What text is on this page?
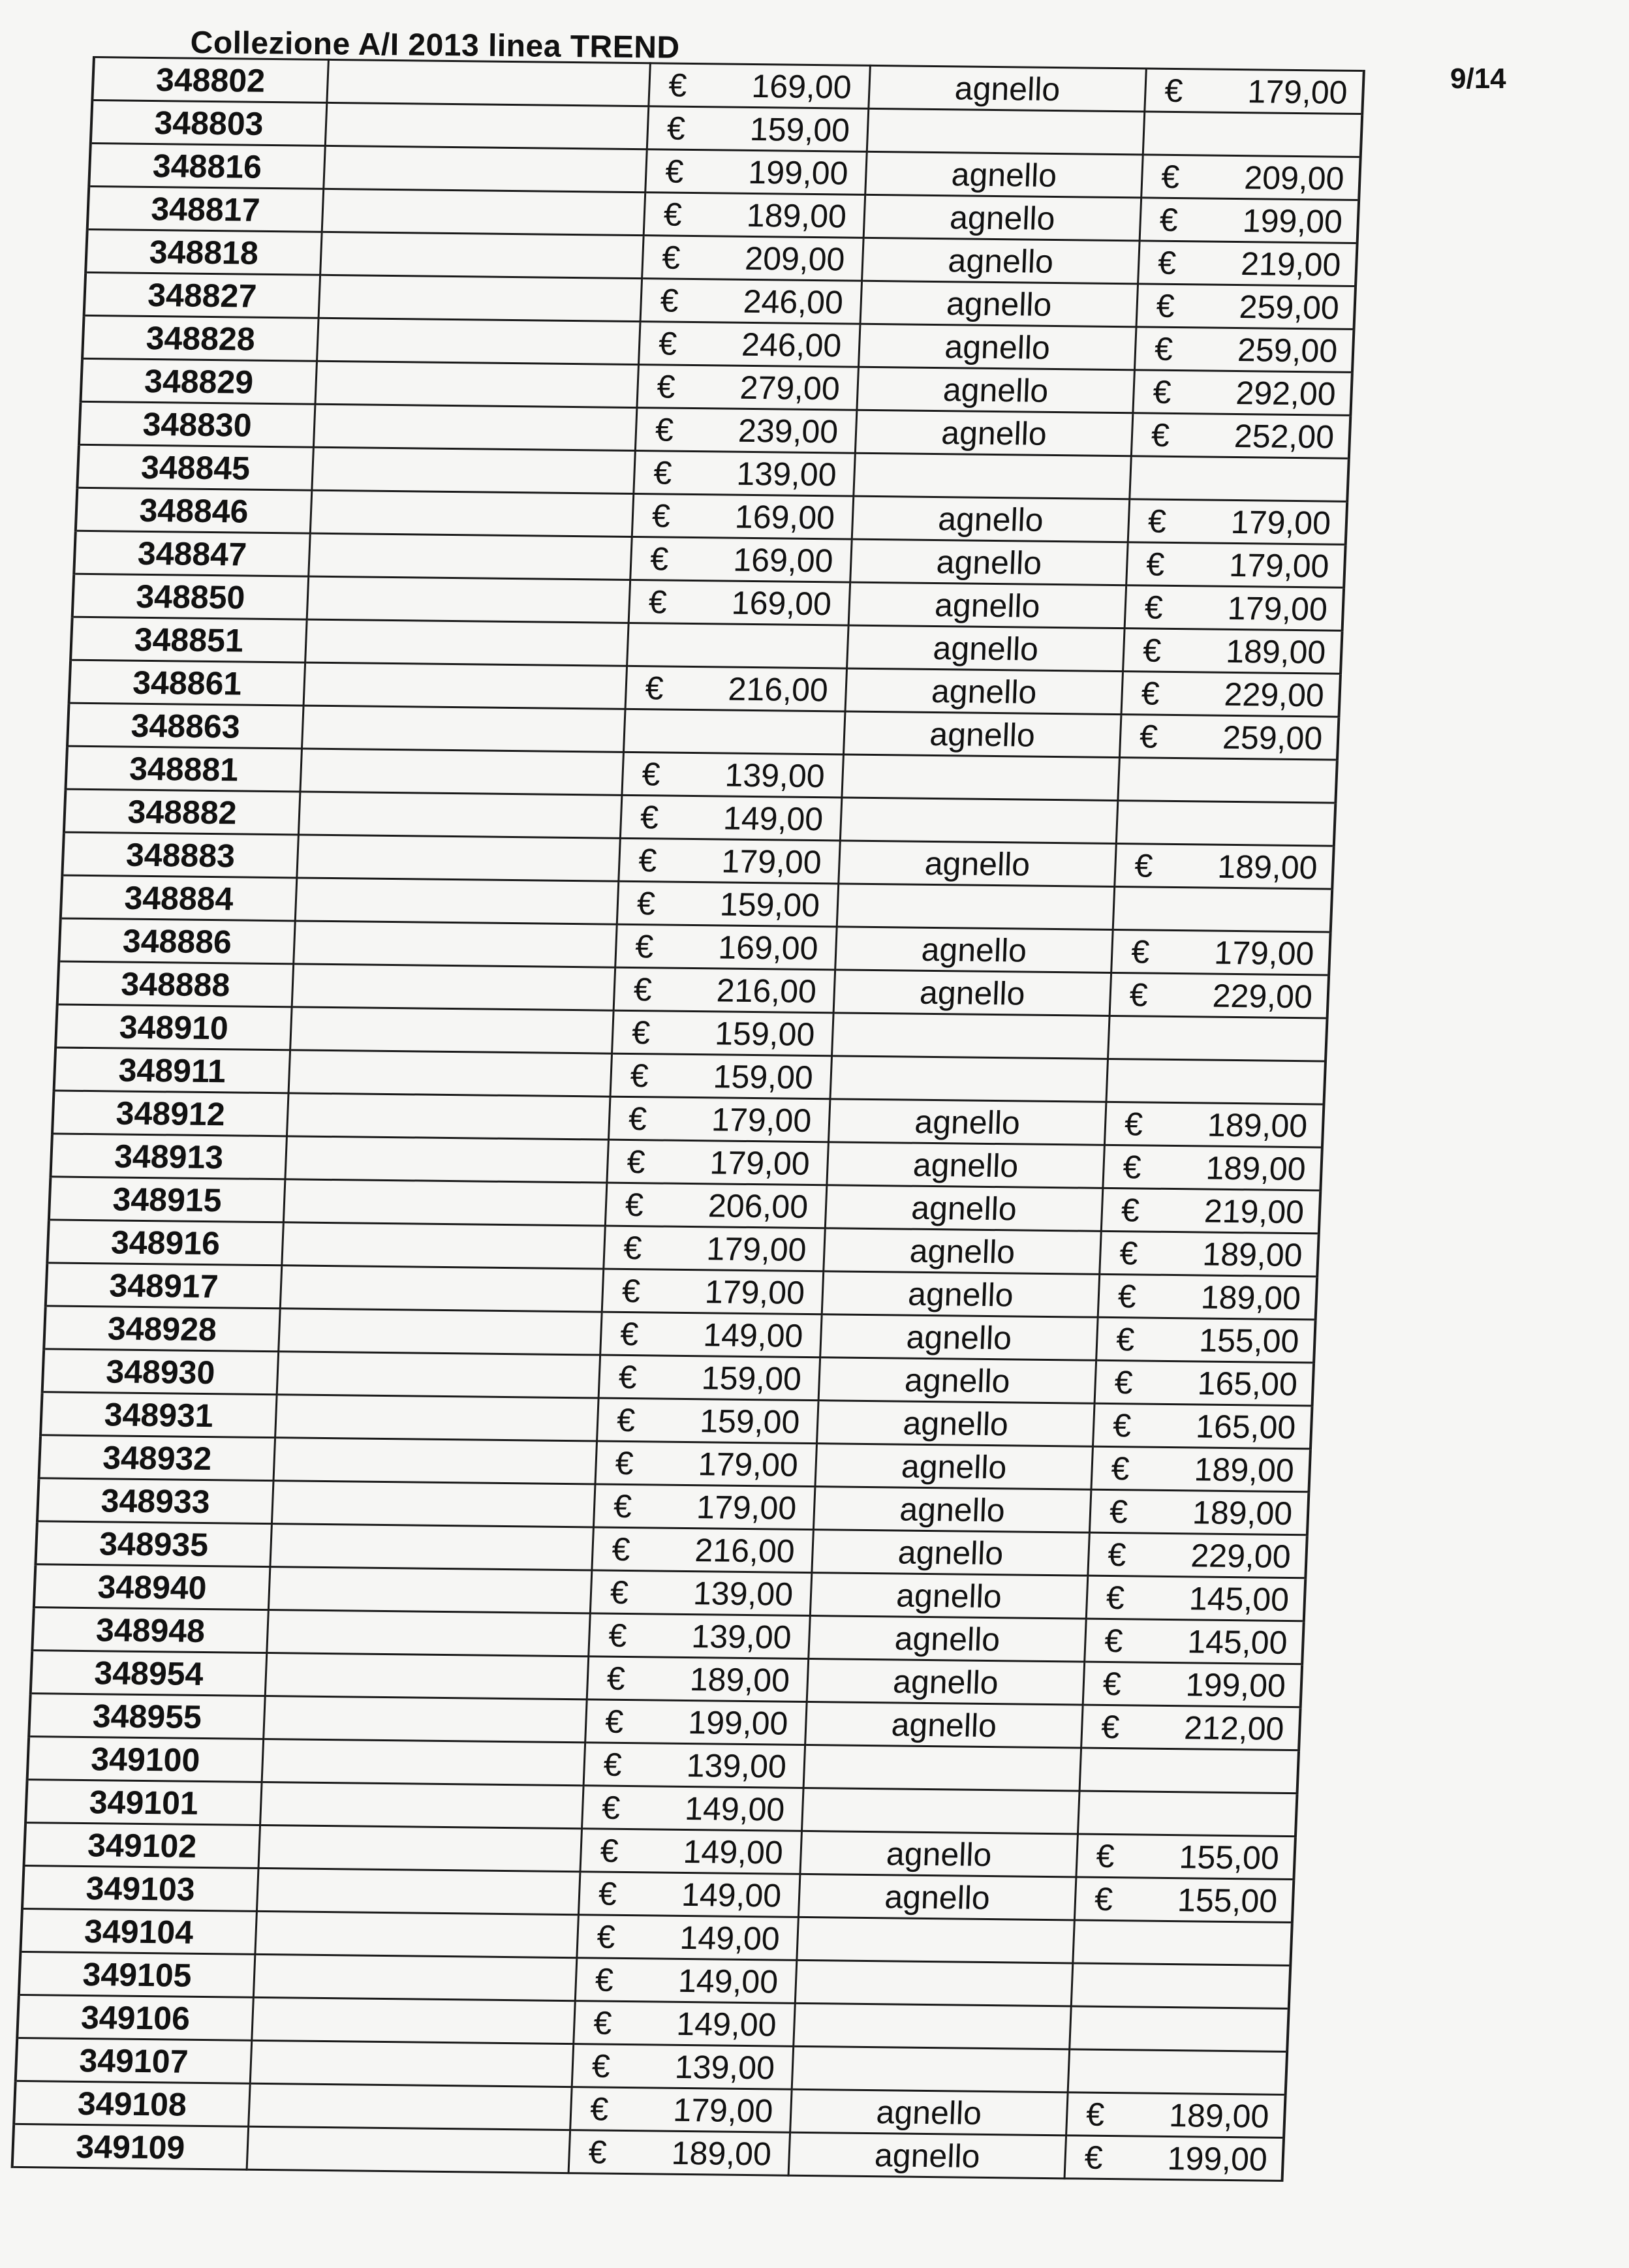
Collezione A/I 2013 linea TREND
9/14
348802		€ 169,00	agnello	€ 179,00
348803		€ 159,00		
348816		€ 199,00	agnello	€ 209,00
348817		€ 189,00	agnello	€ 199,00
348818		€ 209,00	agnello	€ 219,00
348827		€ 246,00	agnello	€ 259,00
348828		€ 246,00	agnello	€ 259,00
348829		€ 279,00	agnello	€ 292,00
348830		€ 239,00	agnello	€ 252,00
348845		€ 139,00		
348846		€ 169,00	agnello	€ 179,00
348847		€ 169,00	agnello	€ 179,00
348850		€ 169,00	agnello	€ 179,00
348851			agnello	€ 189,00
348861		€ 216,00	agnello	€ 229,00
348863			agnello	€ 259,00
348881		€ 139,00		
348882		€ 149,00		
348883		€ 179,00	agnello	€ 189,00
348884		€ 159,00		
348886		€ 169,00	agnello	€ 179,00
348888		€ 216,00	agnello	€ 229,00
348910		€ 159,00		
348911		€ 159,00		
348912		€ 179,00	agnello	€ 189,00
348913		€ 179,00	agnello	€ 189,00
348915		€ 206,00	agnello	€ 219,00
348916		€ 179,00	agnello	€ 189,00
348917		€ 179,00	agnello	€ 189,00
348928		€ 149,00	agnello	€ 155,00
348930		€ 159,00	agnello	€ 165,00
348931		€ 159,00	agnello	€ 165,00
348932		€ 179,00	agnello	€ 189,00
348933		€ 179,00	agnello	€ 189,00
348935		€ 216,00	agnello	€ 229,00
348940		€ 139,00	agnello	€ 145,00
348948		€ 139,00	agnello	€ 145,00
348954		€ 189,00	agnello	€ 199,00
348955		€ 199,00	agnello	€ 212,00
349100		€ 139,00		
349101		€ 149,00		
349102		€ 149,00	agnello	€ 155,00
349103		€ 149,00	agnello	€ 155,00
349104		€ 149,00		
349105		€ 149,00		
349106		€ 149,00		
349107		€ 139,00		
349108		€ 179,00	agnello	€ 189,00
349109		€ 189,00	agnello	€ 199,00
